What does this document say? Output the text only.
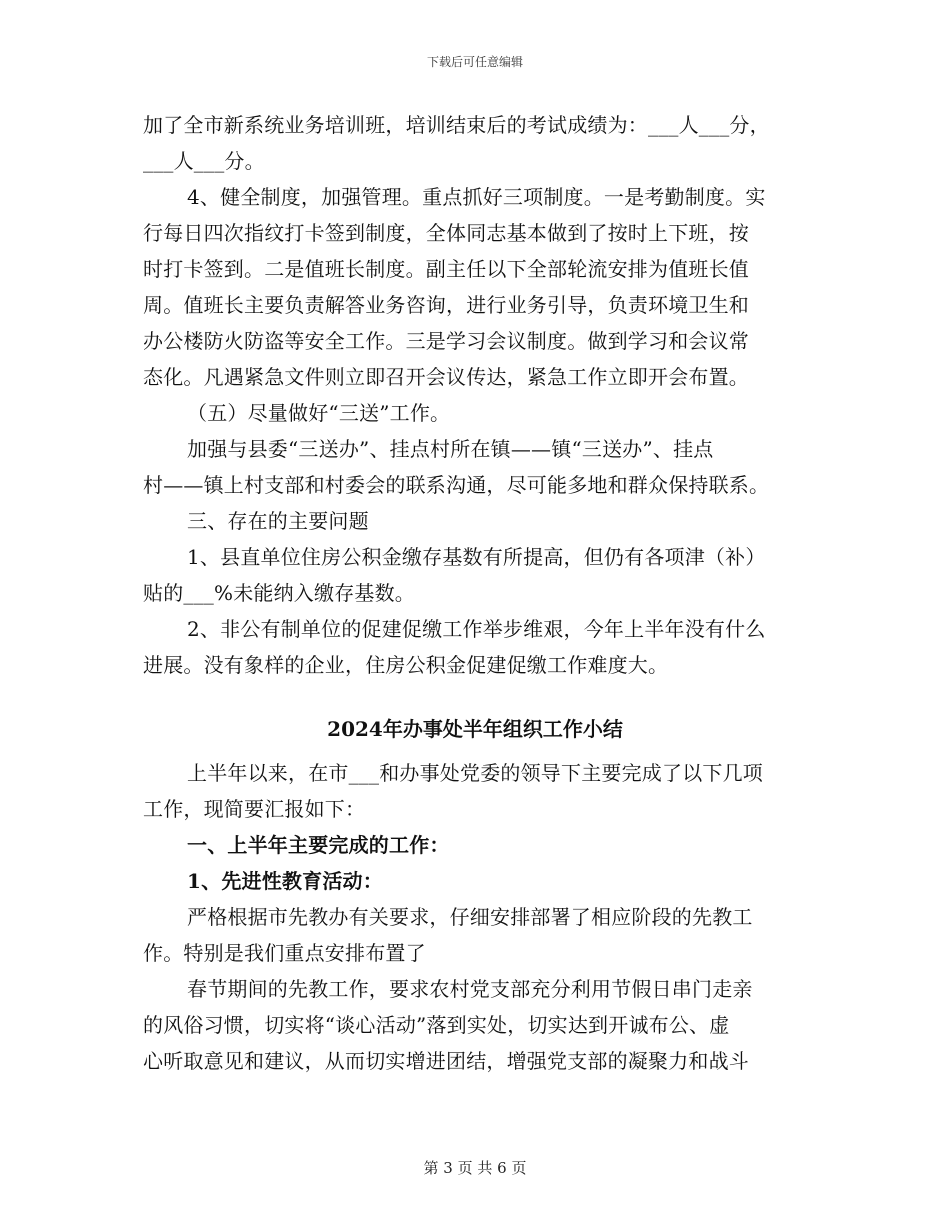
下载后可任意编辑
加了全市新系统业务培训班，培训结束后的考试成绩为：___人___分，
___人___分。
4、健全制度，加强管理。重点抓好三项制度。一是考勤制度。实
行每日四次指纹打卡签到制度，全体同志基本做到了按时上下班，按
时打卡签到。二是值班长制度。副主任以下全部轮流安排为值班长值
周。值班长主要负责解答业务咨询，进行业务引导，负责环境卫生和
办公楼防火防盗等安全工作。三是学习会议制度。做到学习和会议常
态化。凡遇紧急文件则立即召开会议传达，紧急工作立即开会布置。
（五）尽量做好“三送”工作。
加强与县委“三送办”、挂点村所在镇——镇“三送办”、挂点
村——镇上村支部和村委会的联系沟通，尽可能多地和群众保持联系。
三、存在的主要问题
1、县直单位住房公积金缴存基数有所提高，但仍有各项津（补）
贴的___%未能纳入缴存基数。
2、非公有制单位的促建促缴工作举步维艰，今年上半年没有什么
进展。没有象样的企业，住房公积金促建促缴工作难度大。
2024年办事处半年组织工作小结
上半年以来，在市___和办事处党委的领导下主要完成了以下几项
工作，现简要汇报如下：
一、上半年主要完成的工作：
1、先进性教育活动：
严格根据市先教办有关要求，仔细安排部署了相应阶段的先教工
作。特别是我们重点安排布置了
春节期间的先教工作，要求农村党支部充分利用节假日串门走亲
的风俗习惯，切实将“谈心活动”落到实处，切实达到开诚布公、虚
心听取意见和建议，从而切实增进团结，增强党支部的凝聚力和战斗
第 3 页 共 6 页
